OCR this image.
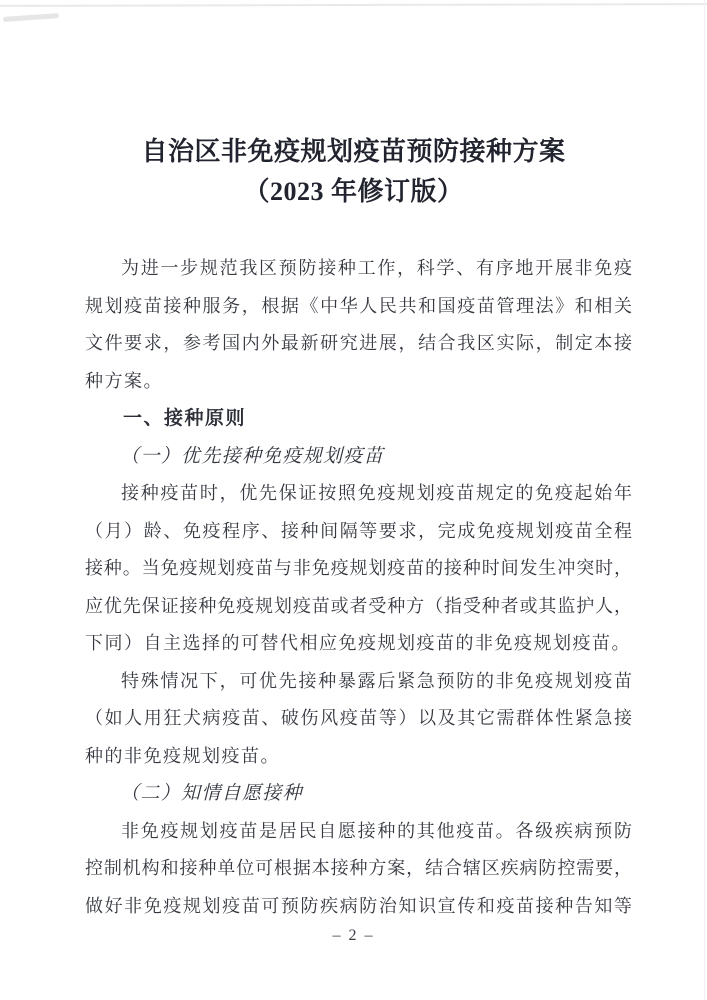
自治区非免疫规划疫苗预防接种方案
（2023 年修订版）
为进一步规范我区预防接种工作，科学、有序地开展非免疫
规划疫苗接种服务，根据《中华人民共和国疫苗管理法》和相关
文件要求，参考国内外最新研究进展，结合我区实际，制定本接
种方案。
一、接种原则
（一）优先接种免疫规划疫苗
接种疫苗时，优先保证按照免疫规划疫苗规定的免疫起始年
（月）龄、免疫程序、接种间隔等要求，完成免疫规划疫苗全程
接种。当免疫规划疫苗与非免疫规划疫苗的接种时间发生冲突时，
应优先保证接种免疫规划疫苗或者受种方（指受种者或其监护人，
下同）自主选择的可替代相应免疫规划疫苗的非免疫规划疫苗。
特殊情况下，可优先接种暴露后紧急预防的非免疫规划疫苗
（如人用狂犬病疫苗、破伤风疫苗等）以及其它需群体性紧急接
种的非免疫规划疫苗。
（二）知情自愿接种
非免疫规划疫苗是居民自愿接种的其他疫苗。各级疾病预防
控制机构和接种单位可根据本接种方案，结合辖区疾病防控需要，
做好非免疫规划疫苗可预防疾病防治知识宣传和疫苗接种告知等
– 2 –
